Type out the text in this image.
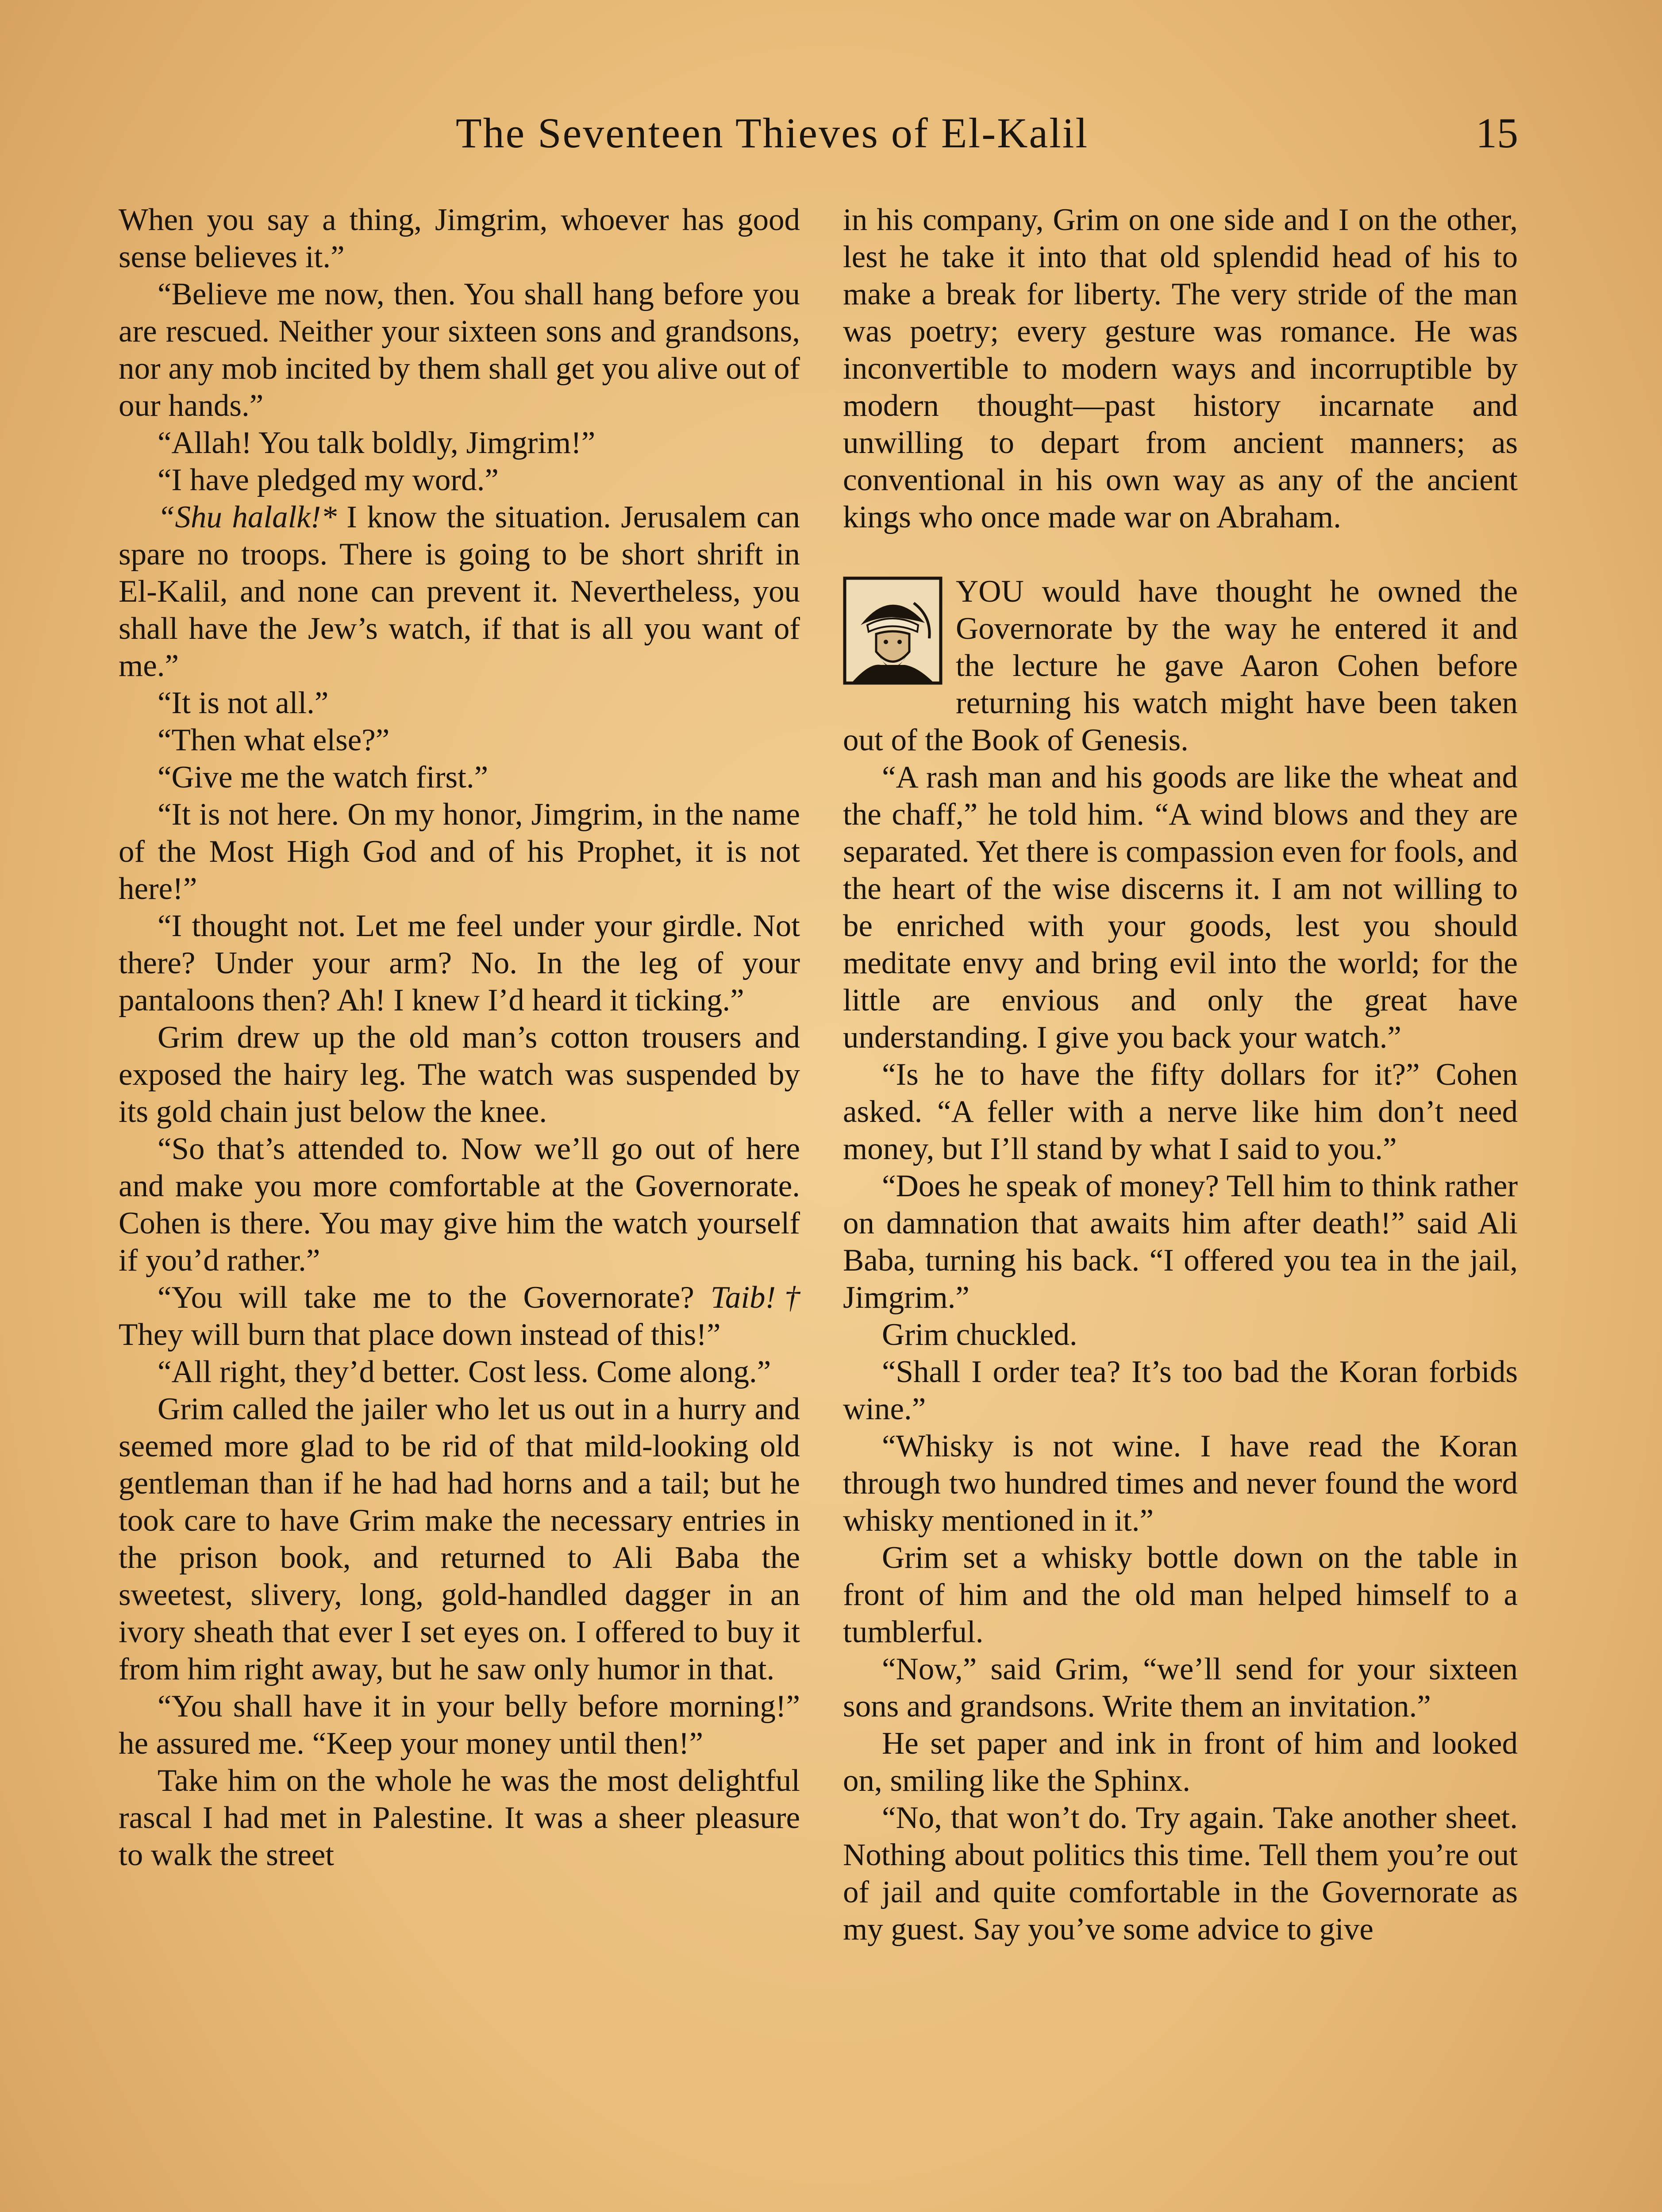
The Seventeen Thieves of El-Kalil	15

When you say a thing, Jimgrim, whoever has good sense believes it.”

“Believe me now, then. You shall hang before you are rescued. Neither your sixteen sons and grandsons, nor any mob incited by them shall get you alive out of our hands.”

“Allah! You talk boldly, Jimgrim!”

“I have pledged my word.”

“Shu halalk!* I know the situation. Jerusalem can spare no troops. There is going to be short shrift in El-Kalil, and none can prevent it. Nevertheless, you shall have the Jew’s watch, if that is all you want of me.”

“It is not all.”

“Then what else?”

“Give me the watch first.”

“It is not here. On my honor, Jimgrim, in the name of the Most High God and of his Prophet, it is not here!”

“I thought not. Let me feel under your girdle. Not there? Under your arm? No. In the leg of your pantaloons then? Ah! I knew I’d heard it ticking.”

Grim drew up the old man’s cotton trousers and exposed the hairy leg. The watch was suspended by its gold chain just below the knee.

“So that’s attended to. Now we’ll go out of here and make you more comfortable at the Governorate. Cohen is there. You may give him the watch yourself if you’d rather.”

“You will take me to the Governorate? Taib!† They will burn that place down instead of this!”

“All right, they’d better. Cost less. Come along.”

Grim called the jailer who let us out in a hurry and seemed more glad to be rid of that mild-looking old gentleman than if he had had horns and a tail; but he took care to have Grim make the necessary entries in the prison book, and returned to Ali Baba the sweetest, slivery, long, gold-handled dagger in an ivory sheath that ever I set eyes on. I offered to buy it from him right away, but he saw only humor in that.

“You shall have it in your belly before morning!” he assured me. “Keep your money until then!”

Take him on the whole he was the most delightful rascal I had met in Palestine. It was a sheer pleasure to walk the street

in his company, Grim on one side and I on the other, lest he take it into that old splendid head of his to make a break for liberty. The very stride of the man was poetry; every gesture was romance. He was inconvertible to modern ways and incorruptible by modern thought—past history incarnate and unwilling to depart from ancient manners; as conventional in his own way as any of the ancient kings who once made war on Abraham.

YOU would have thought he owned the Governorate by the way he entered it and the lecture he gave Aaron Cohen before returning his watch might have been taken out of the Book of Genesis.

“A rash man and his goods are like the wheat and the chaff,” he told him. “A wind blows and they are separated. Yet there is compassion even for fools, and the heart of the wise discerns it. I am not willing to be enriched with your goods, lest you should meditate envy and bring evil into the world; for the little are envious and only the great have understanding. I give you back your watch.”

“Is he to have the fifty dollars for it?” Cohen asked. “A feller with a nerve like him don’t need money, but I’ll stand by what I said to you.”

“Does he speak of money? Tell him to think rather on damnation that awaits him after death!” said Ali Baba, turning his back. “I offered you tea in the jail, Jimgrim.”

Grim chuckled.

“Shall I order tea? It’s too bad the Koran forbids wine.”

“Whisky is not wine. I have read the Koran through two hundred times and never found the word whisky mentioned in it.”

Grim set a whisky bottle down on the table in front of him and the old man helped himself to a tumblerful.

“Now,” said Grim, “we’ll send for your sixteen sons and grandsons. Write them an invitation.”

He set paper and ink in front of him and looked on, smiling like the Sphinx.

“No, that won’t do. Try again. Take another sheet. Nothing about politics this time. Tell them you’re out of jail and quite comfortable in the Governorate as my guest. Say you’ve some advice to give
